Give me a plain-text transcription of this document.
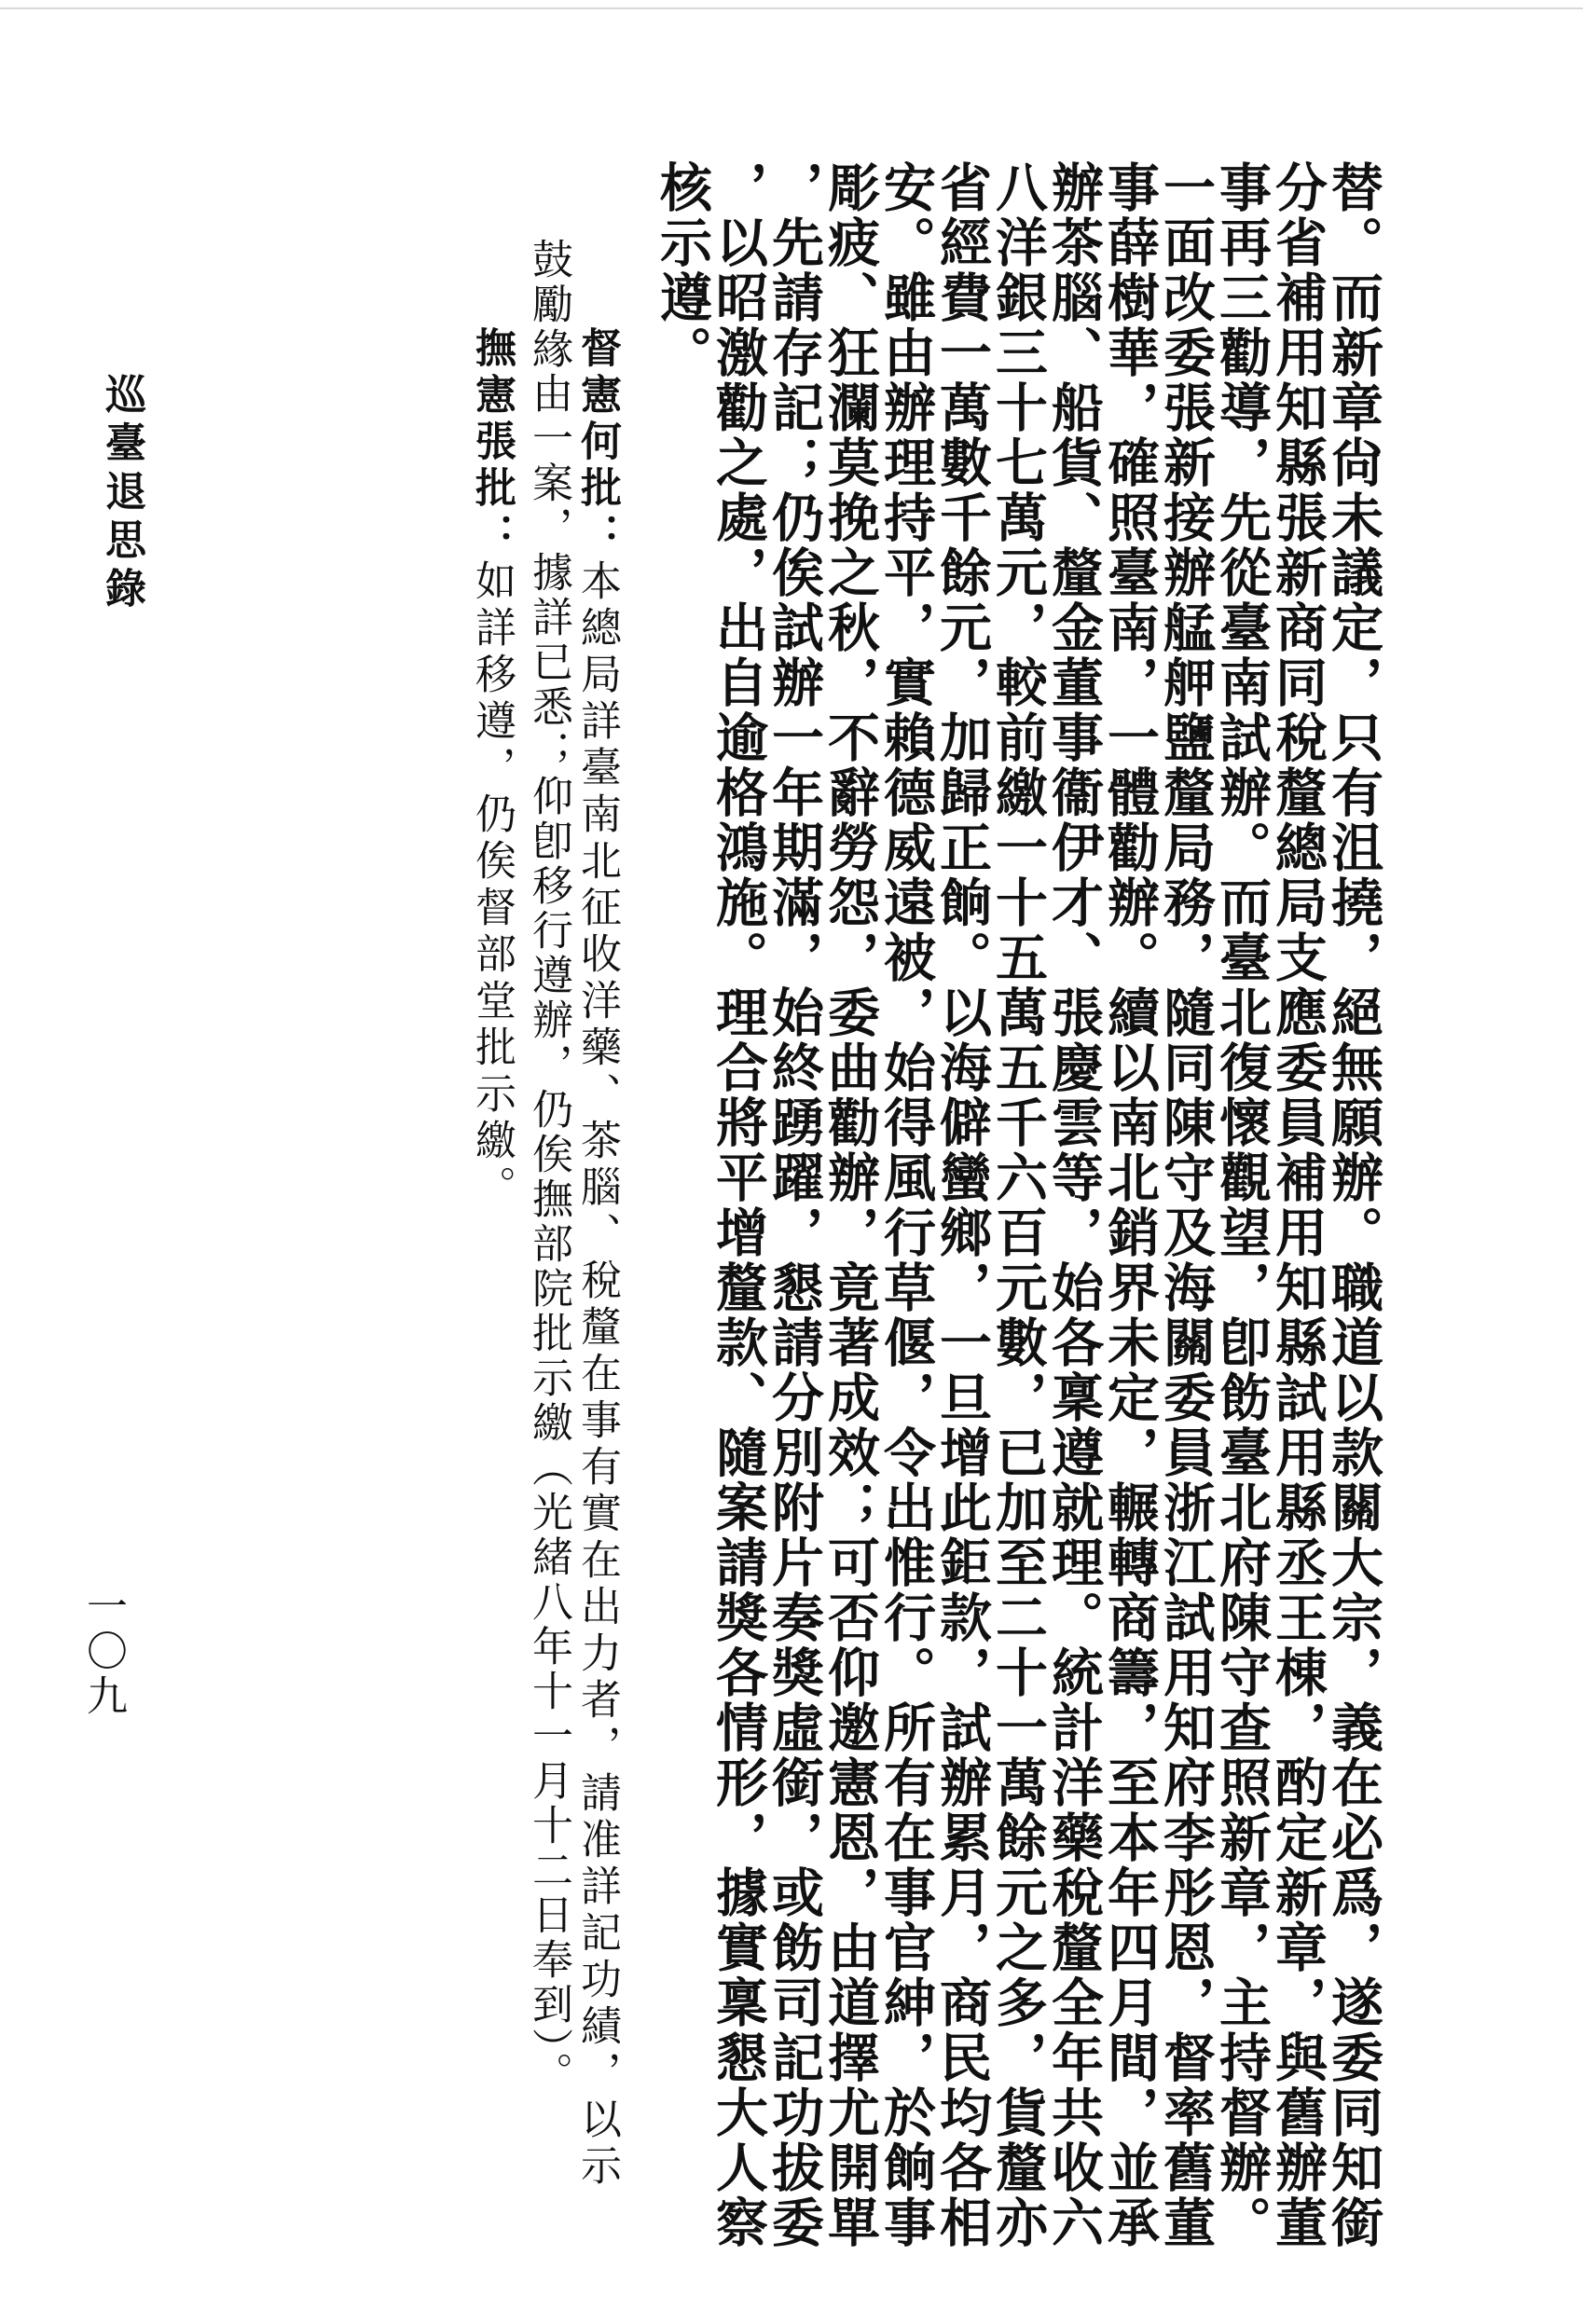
替。而新章尙未議定，只有沮撓，絕無願辦。職道以款關大宗，義在必爲，遂委同知銜
分省補用知縣張新商同稅釐總局支應委員補用知縣試用縣丞王棟，酌定新章，與舊辦董
事再三勸導，先從臺南試辦。而臺北復懷觀望，卽飭臺北府陳守查照新章，主持督辦。
一面改委張新接辦艋舺鹽釐局務，隨同陳守及海關委員浙江試用知府李彤恩，督率舊董
事薛樹華，確照臺南，一體勸辦。續以南北銷界未定，輾轉商籌，至本年四月間，並承
辦茶腦、船貨、釐金董事衞伊才、張慶雲等，始各稟遵就理。統計洋藥稅釐全年共收六
八洋銀三十七萬元，較前繳一十五萬五千六百元數，已加至二十一萬餘元之多，貨釐亦
省經費一萬數千餘元，加歸正餉。以海僻蠻鄉，一旦增此鉅款，試辦累月，商民均各相
安。雖由辦理持平，實賴德威遠被，始得風行草偃，令出惟行。所有在事官紳，於餉事
彫疲、狂瀾莫挽之秋，不辭勞怨，委曲勸辦，竟著成效；可否仰邀憲恩，由道擇尤開單
，先請存記；仍俟試辦一年期滿，始終踴躍，懇請分別附片奏獎虛銜，或飭司記功拔委
，以昭激勸之處，出自逾格鴻施。理合將平增釐款、隨案請獎各情形，據實稟懇大人察
核示遵。
督憲何批：本總局詳臺南北征收洋藥、茶腦、稅釐在事有實在出力者，請准詳記功績，以示
鼓勵緣由一案，據詳已悉；仰卽移行遵辦，仍俟撫部院批示繳（光緒八年十一月十二日奉到）。
撫憲張批：如詳移遵，仍俟督部堂批示繳。
巡臺退思錄
一〇九
